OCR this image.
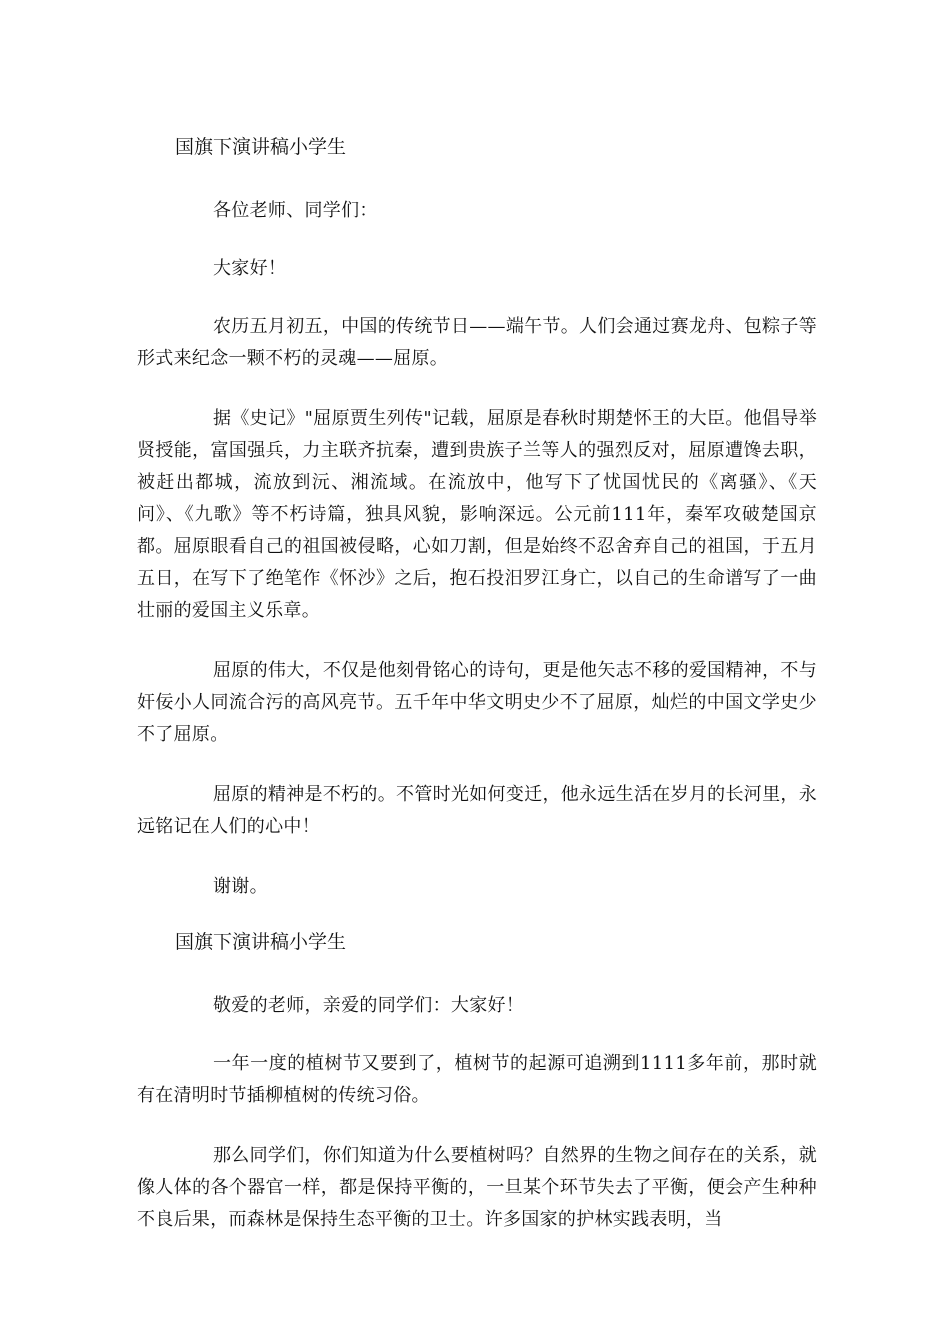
国旗下演讲稿小学生

各位老师、同学们：

大家好！

农历五月初五，中国的传统节日——端午节。人们会通过赛龙舟、包粽子等形式来纪念一颗不朽的灵魂——屈原。

据《史记》"屈原贾生列传"记载，屈原是春秋时期楚怀王的大臣。他倡导举贤授能，富国强兵，力主联齐抗秦，遭到贵族子兰等人的强烈反对，屈原遭馋去职，被赶出都城，流放到沅、湘流域。在流放中，他写下了忧国忧民的《离骚》、《天问》、《九歌》等不朽诗篇，独具风貌，影响深远。公元前111年，秦军攻破楚国京都。屈原眼看自己的祖国被侵略，心如刀割，但是始终不忍舍弃自己的祖国，于五月五日，在写下了绝笔作《怀沙》之后，抱石投汨罗江身亡，以自己的生命谱写了一曲壮丽的爱国主义乐章。

屈原的伟大，不仅是他刻骨铭心的诗句，更是他矢志不移的爱国精神，不与奸佞小人同流合污的高风亮节。五千年中华文明史少不了屈原，灿烂的中国文学史少不了屈原。

屈原的精神是不朽的。不管时光如何变迁，他永远生活在岁月的长河里，永远铭记在人们的心中！

谢谢。

国旗下演讲稿小学生

敬爱的老师，亲爱的同学们：大家好！

一年一度的植树节又要到了，植树节的起源可追溯到1111多年前，那时就有在清明时节插柳植树的传统习俗。

那么同学们，你们知道为什么要植树吗？自然界的生物之间存在的关系，就像人体的各个器官一样，都是保持平衡的，一旦某个环节失去了平衡，便会产生种种不良后果，而森林是保持生态平衡的卫士。许多国家的护林实践表明，当
